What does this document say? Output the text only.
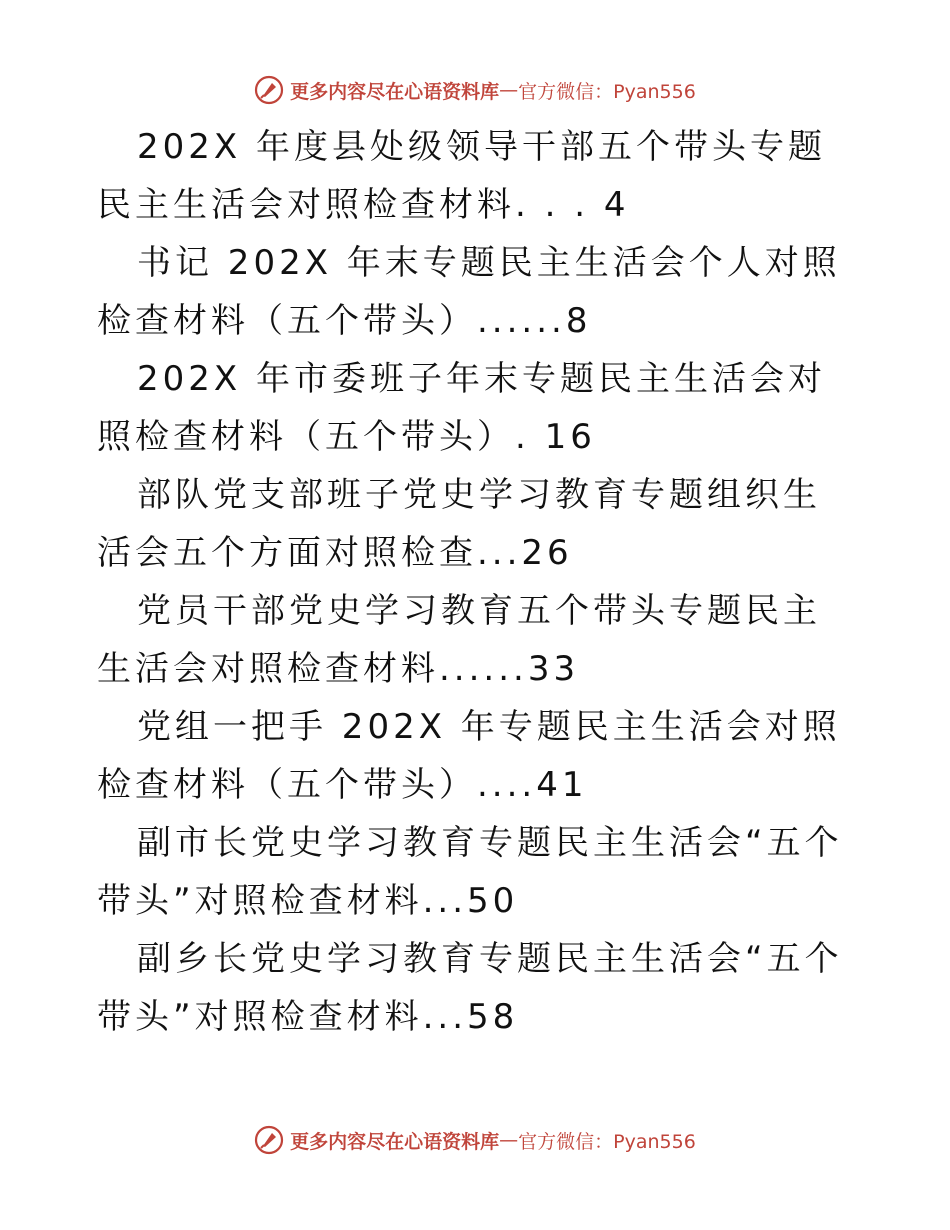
更多内容尽在心语资料库 — 官方微信：Pyan556
202X 年度县处级领导干部五个带头专题民主生活会对照检查材料. . . 4
书记 202X 年末专题民主生活会个人对照检查材料（五个带头）......8
202X 年市委班子年末专题民主生活会对照检查材料（五个带头）. 16
部队党支部班子党史学习教育专题组织生活会五个方面对照检查...26
党员干部党史学习教育五个带头专题民主生活会对照检查材料......33
党组一把手 202X 年专题民主生活会对照检查材料（五个带头）....41
副市长党史学习教育专题民主生活会“五个带头”对照检查材料...50
副乡长党史学习教育专题民主生活会“五个带头”对照检查材料...58
更多内容尽在心语资料库 — 官方微信：Pyan556
